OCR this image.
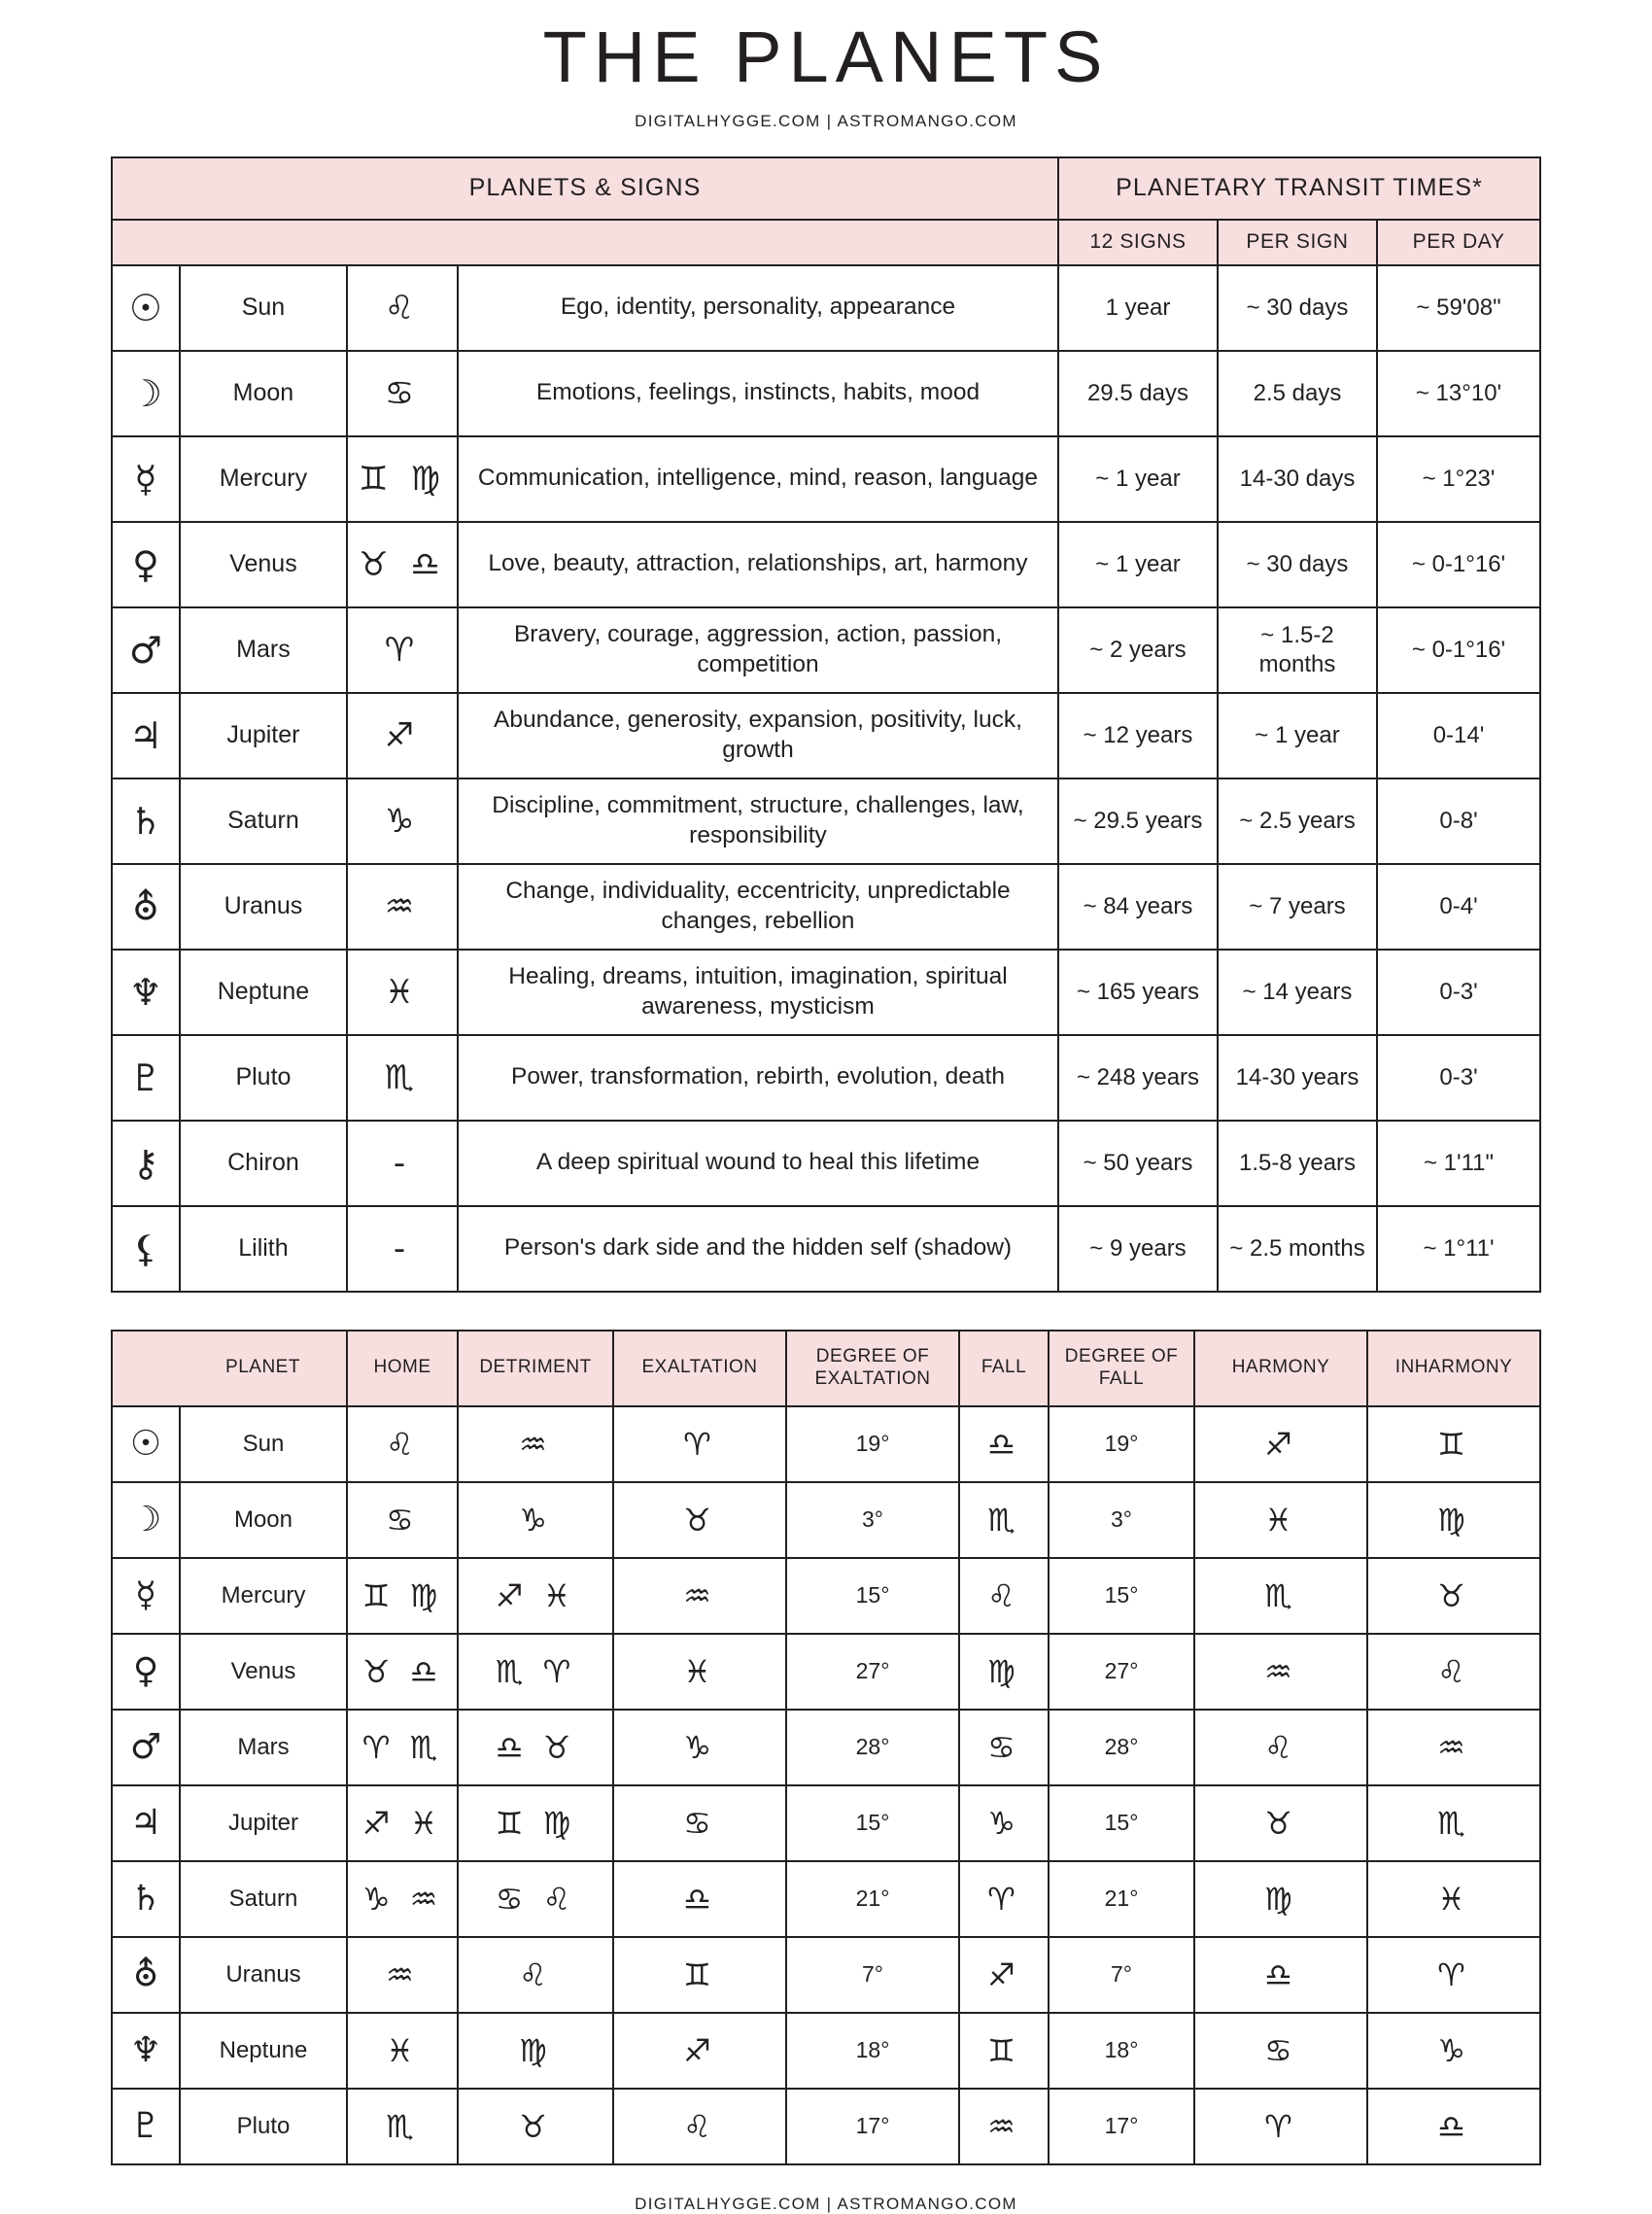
THE PLANETS
DIGITALHYGGE.COM | ASTROMANGO.COM
PLANETS & SIGNS				PLANETARY TRANSIT TIMES*		
				12 SIGNS	PER SIGN	PER DAY
☉	Sun	♌	Ego, identity, personality, appearance	1 year	~ 30 days	~ 59'08"
☽	Moon	♋	Emotions, feelings, instincts, habits, mood	29.5 days	2.5 days	~ 13°10'
☿	Mercury	♊ ♍	Communication, intelligence, mind, reason, language	~ 1 year	14-30 days	~ 1°23'
♀	Venus	♉ ♎	Love, beauty, attraction, relationships, art, harmony	~ 1 year	~ 30 days	~ 0-1°16'
♂	Mars	♈	Bravery, courage, aggression, action, passion, competition	~ 2 years	~ 1.5-2 months	~ 0-1°16'
♃	Jupiter	♐	Abundance, generosity, expansion, positivity, luck, growth	~ 12 years	~ 1 year	0-14'
♄	Saturn	♑	Discipline, commitment, structure, challenges, law, responsibility	~ 29.5 years	~ 2.5 years	0-8'
⛢	Uranus	♒	Change, individuality, eccentricity, unpredictable changes, rebellion	~ 84 years	~ 7 years	0-4'
♆	Neptune	♓	Healing, dreams, intuition, imagination, spiritual awareness, mysticism	~ 165 years	~ 14 years	0-3'
♇	Pluto	♏	Power, transformation, rebirth, evolution, death	~ 248 years	14-30 years	0-3'
⚷	Chiron	-	A deep spiritual wound to heal this lifetime	~ 50 years	1.5-8 years	~ 1'11"
⚸	Lilith	-	Person's dark side and the hidden self (shadow)	~ 9 years	~ 2.5 months	~ 1°11'
	PLANET	HOME	DETRIMENT	EXALTATION	DEGREE OF EXALTATION	FALL	DEGREE OF FALL	HARMONY	INHARMONY
☉	Sun	♌	♒	♈	19°	♎	19°	♐	♊
☽	Moon	♋	♑	♉	3°	♏	3°	♓	♍
☿	Mercury	♊ ♍	♐ ♓	♒	15°	♌	15°	♏	♉
♀	Venus	♉ ♎	♏ ♈	♓	27°	♍	27°	♒	♌
♂	Mars	♈ ♏	♎ ♉	♑	28°	♋	28°	♌	♒
♃	Jupiter	♐ ♓	♊ ♍	♋	15°	♑	15°	♉	♏
♄	Saturn	♑ ♒	♋ ♌	♎	21°	♈	21°	♍	♓
⛢	Uranus	♒	♌	♊	7°	♐	7°	♎	♈
♆	Neptune	♓	♍	♐	18°	♊	18°	♋	♑
♇	Pluto	♏	♉	♌	17°	♒	17°	♈	♎
DIGITALHYGGE.COM | ASTROMANGO.COM
